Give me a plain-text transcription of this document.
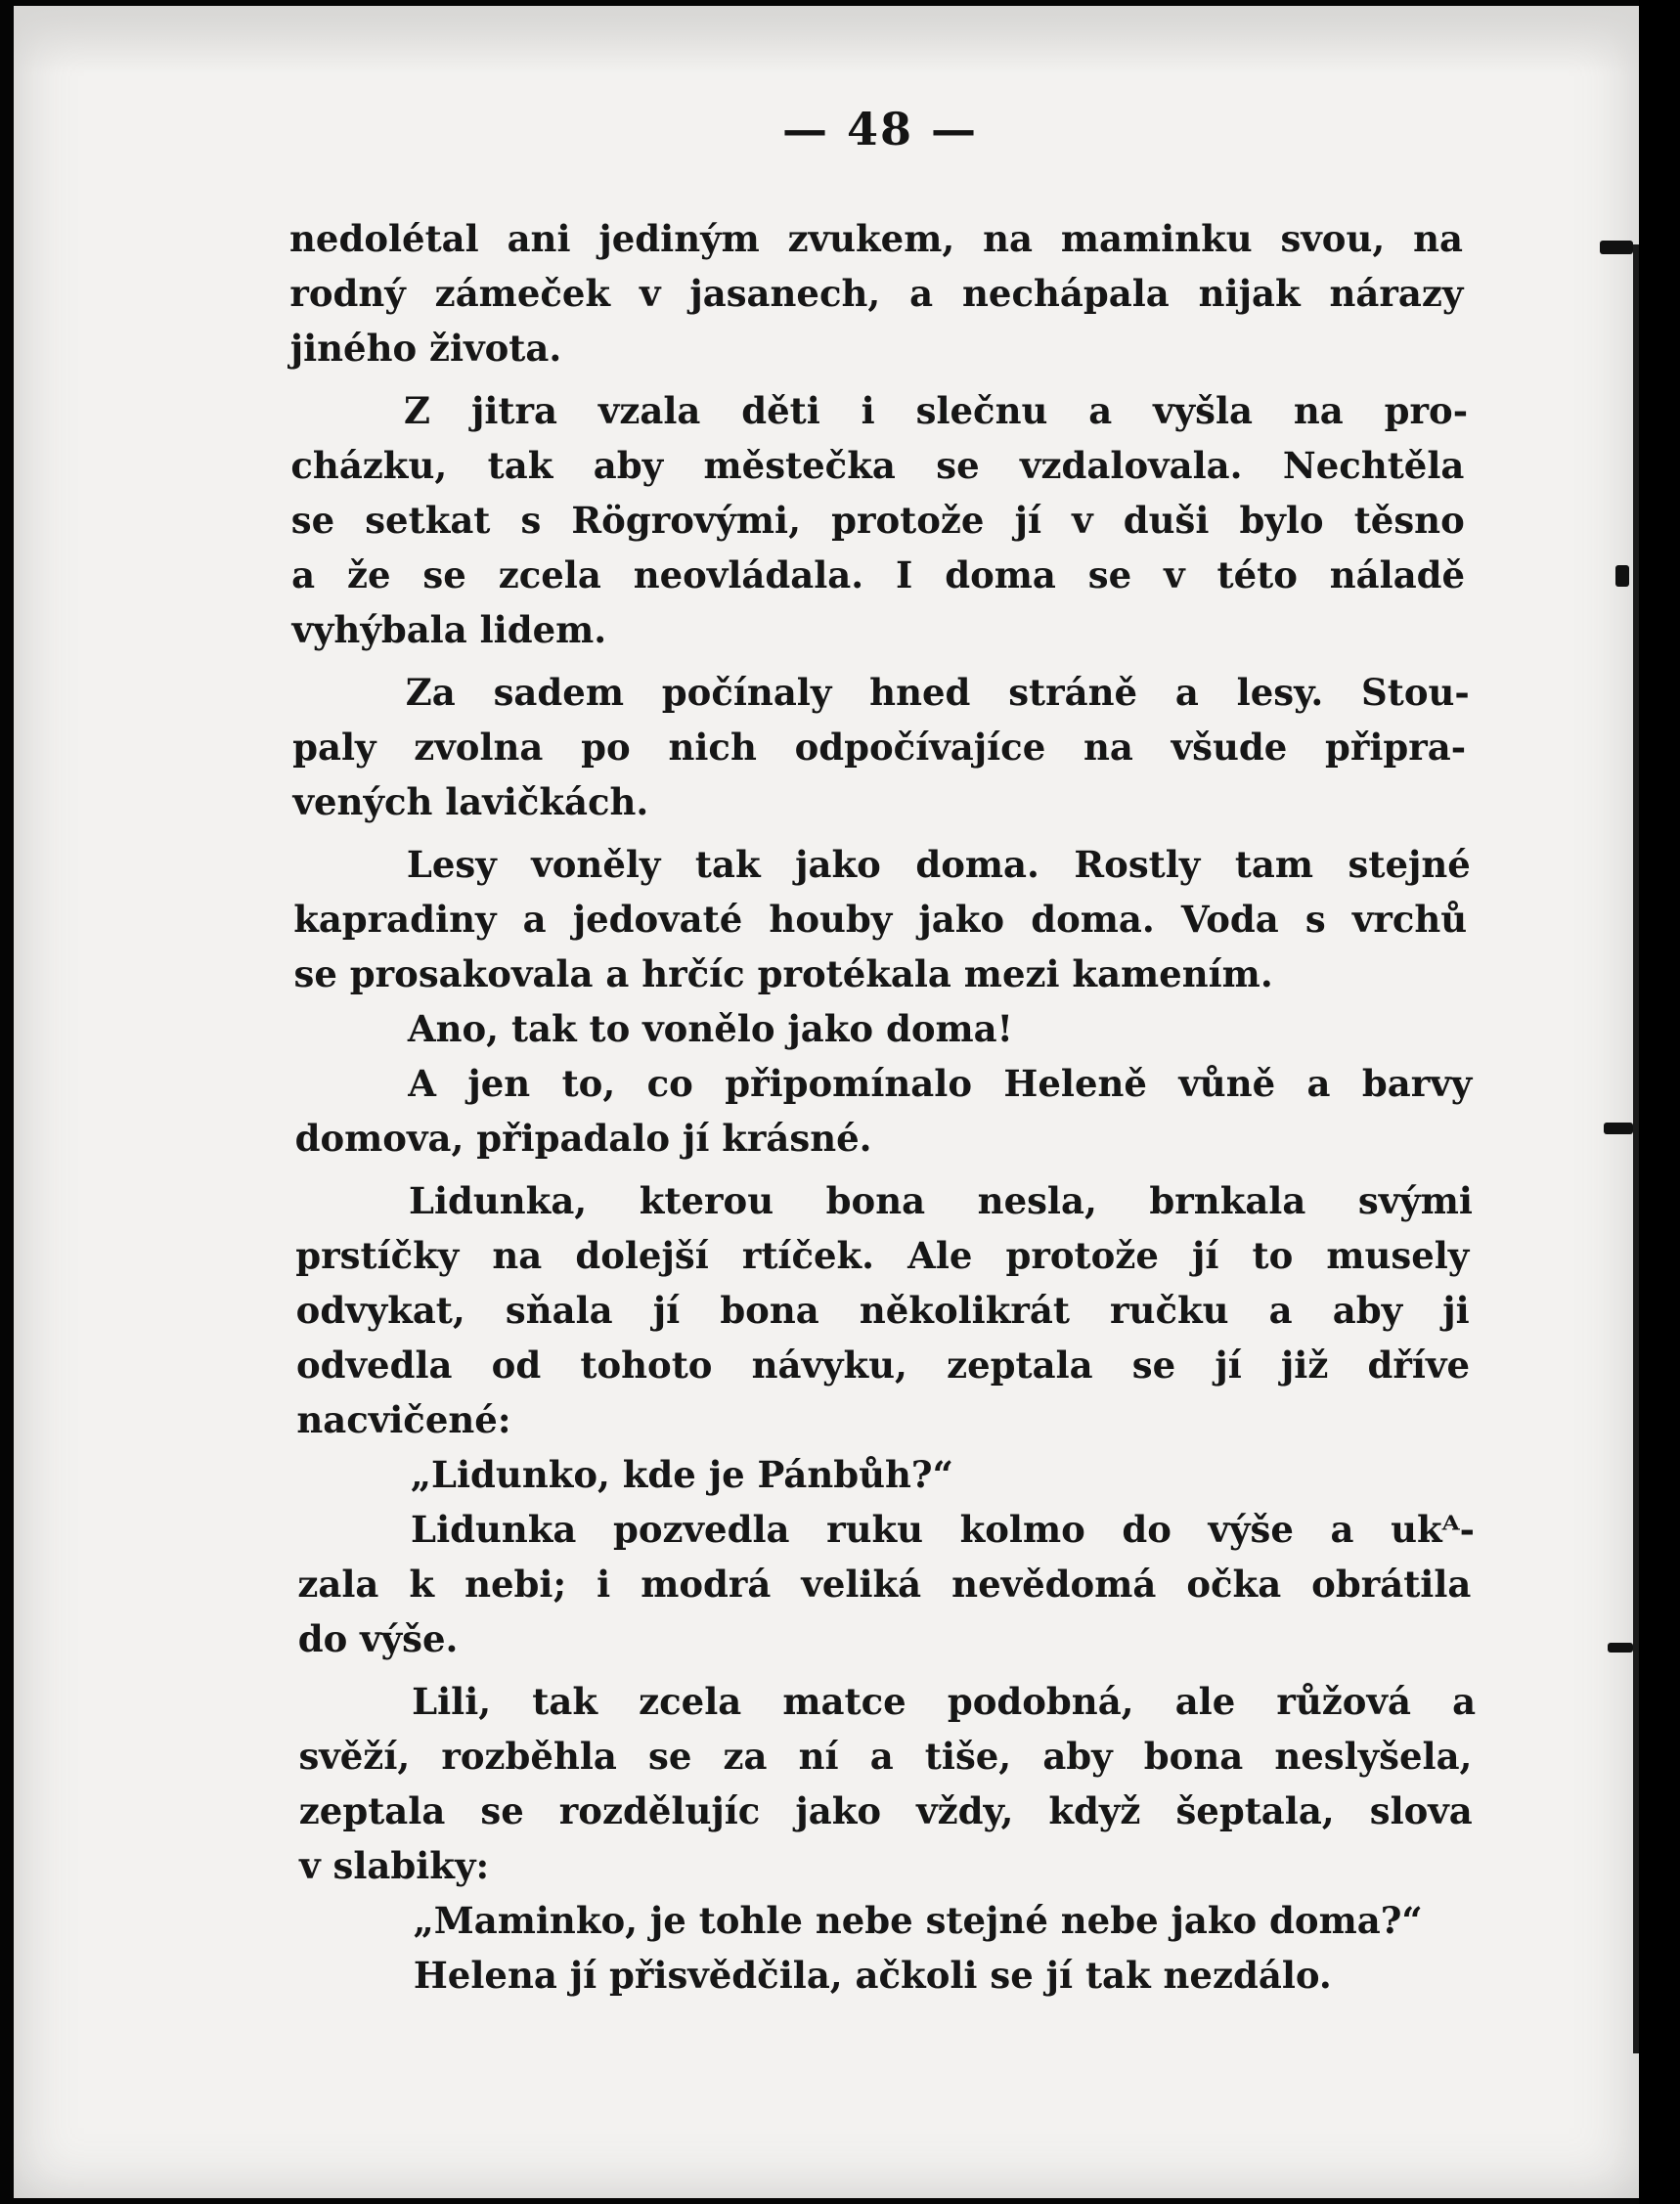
— 48 —
nedolétal ani jediným zvukem, na maminku svou, na
rodný zámeček v jasanech, a nechápala nijak nárazy
jiného života.
Z jitra vzala děti i slečnu a vyšla na pro-
cházku, tak aby městečka se vzdalovala. Nechtěla
se setkat s Rögrovými, protože jí v duši bylo těsno
a že se zcela neovládala. I doma se v této náladě
vyhýbala lidem.
Za sadem počínaly hned stráně a lesy. Stou-
paly zvolna po nich odpočívajíce na všude připra-
vených lavičkách.
Lesy voněly tak jako doma. Rostly tam stejné
kapradiny a jedovaté houby jako doma. Voda s vrchů
se prosakovala a hrčíc protékala mezi kamením.
Ano, tak to vonělo jako doma!
A jen to, co připomínalo Heleně vůně a barvy
domova, připadalo jí krásné.
Lidunka, kterou bona nesla, brnkala svými
prstíčky na dolejší rtíček. Ale protože jí to musely
odvykat, sňala jí bona několikrát ručku a aby ji
odvedla od tohoto návyku, zeptala se jí již dříve
nacvičené:
„Lidunko, kde je Pánbůh?“
Lidunka pozvedla ruku kolmo do výše a ukᴬ-
zala k nebi; i modrá veliká nevědomá očka obrátila
do výše.
Lili, tak zcela matce podobná, ale růžová a
svěží, rozběhla se za ní a tiše, aby bona neslyšela,
zeptala se rozdělujíc jako vždy, když šeptala, slova
v slabiky:
„Maminko, je tohle nebe stejné nebe jako doma?“
Helena jí přisvědčila, ačkoli se jí tak nezdálo.
